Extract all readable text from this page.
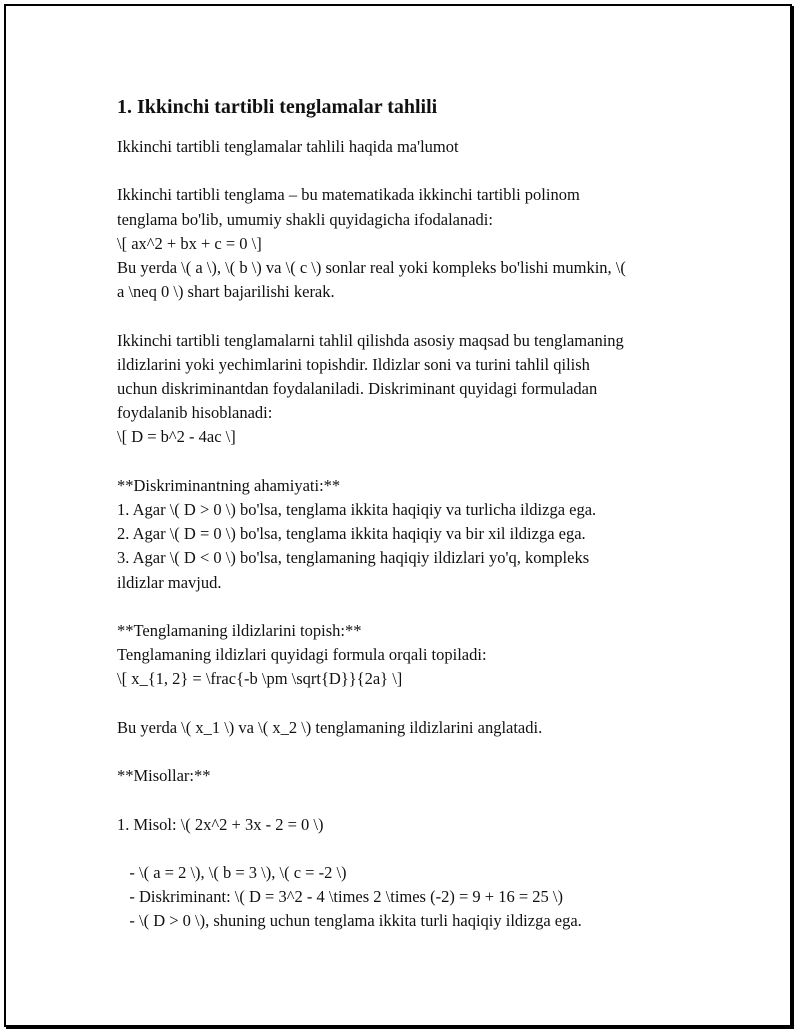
1. Ikkinchi tartibli tenglamalar tahlili
Ikkinchi tartibli tenglamalar tahlili haqida ma'lumot
Ikkinchi tartibli tenglama – bu matematikada ikkinchi tartibli polinom
tenglama bo'lib, umumiy shakli quyidagicha ifodalanadi:
\[ ax^2 + bx + c = 0 \]
Bu yerda \( a \), \( b \) va \( c \) sonlar real yoki kompleks bo'lishi mumkin, \(
a \neq 0 \) shart bajarilishi kerak.
Ikkinchi tartibli tenglamalarni tahlil qilishda asosiy maqsad bu tenglamaning
ildizlarini yoki yechimlarini topishdir. Ildizlar soni va turini tahlil qilish
uchun diskriminantdan foydalaniladi. Diskriminant quyidagi formuladan
foydalanib hisoblanadi:
\[ D = b^2 - 4ac \]
**Diskriminantning ahamiyati:**
1. Agar \( D > 0 \) bo'lsa, tenglama ikkita haqiqiy va turlicha ildizga ega.
2. Agar \( D = 0 \) bo'lsa, tenglama ikkita haqiqiy va bir xil ildizga ega.
3. Agar \( D < 0 \) bo'lsa, tenglamaning haqiqiy ildizlari yo'q, kompleks
ildizlar mavjud.
**Tenglamaning ildizlarini topish:**
Tenglamaning ildizlari quyidagi formula orqali topiladi:
\[ x_{1, 2} = \frac{-b \pm \sqrt{D}}{2a} \]
Bu yerda \( x_1 \) va \( x_2 \) tenglamaning ildizlarini anglatadi.
**Misollar:**
1. Misol: \( 2x^2 + 3x - 2 = 0 \)
- \( a = 2 \), \( b = 3 \), \( c = -2 \)
- Diskriminant: \( D = 3^2 - 4 \times 2 \times (-2) = 9 + 16 = 25 \)
- \( D > 0 \), shuning uchun tenglama ikkita turli haqiqiy ildizga ega.
